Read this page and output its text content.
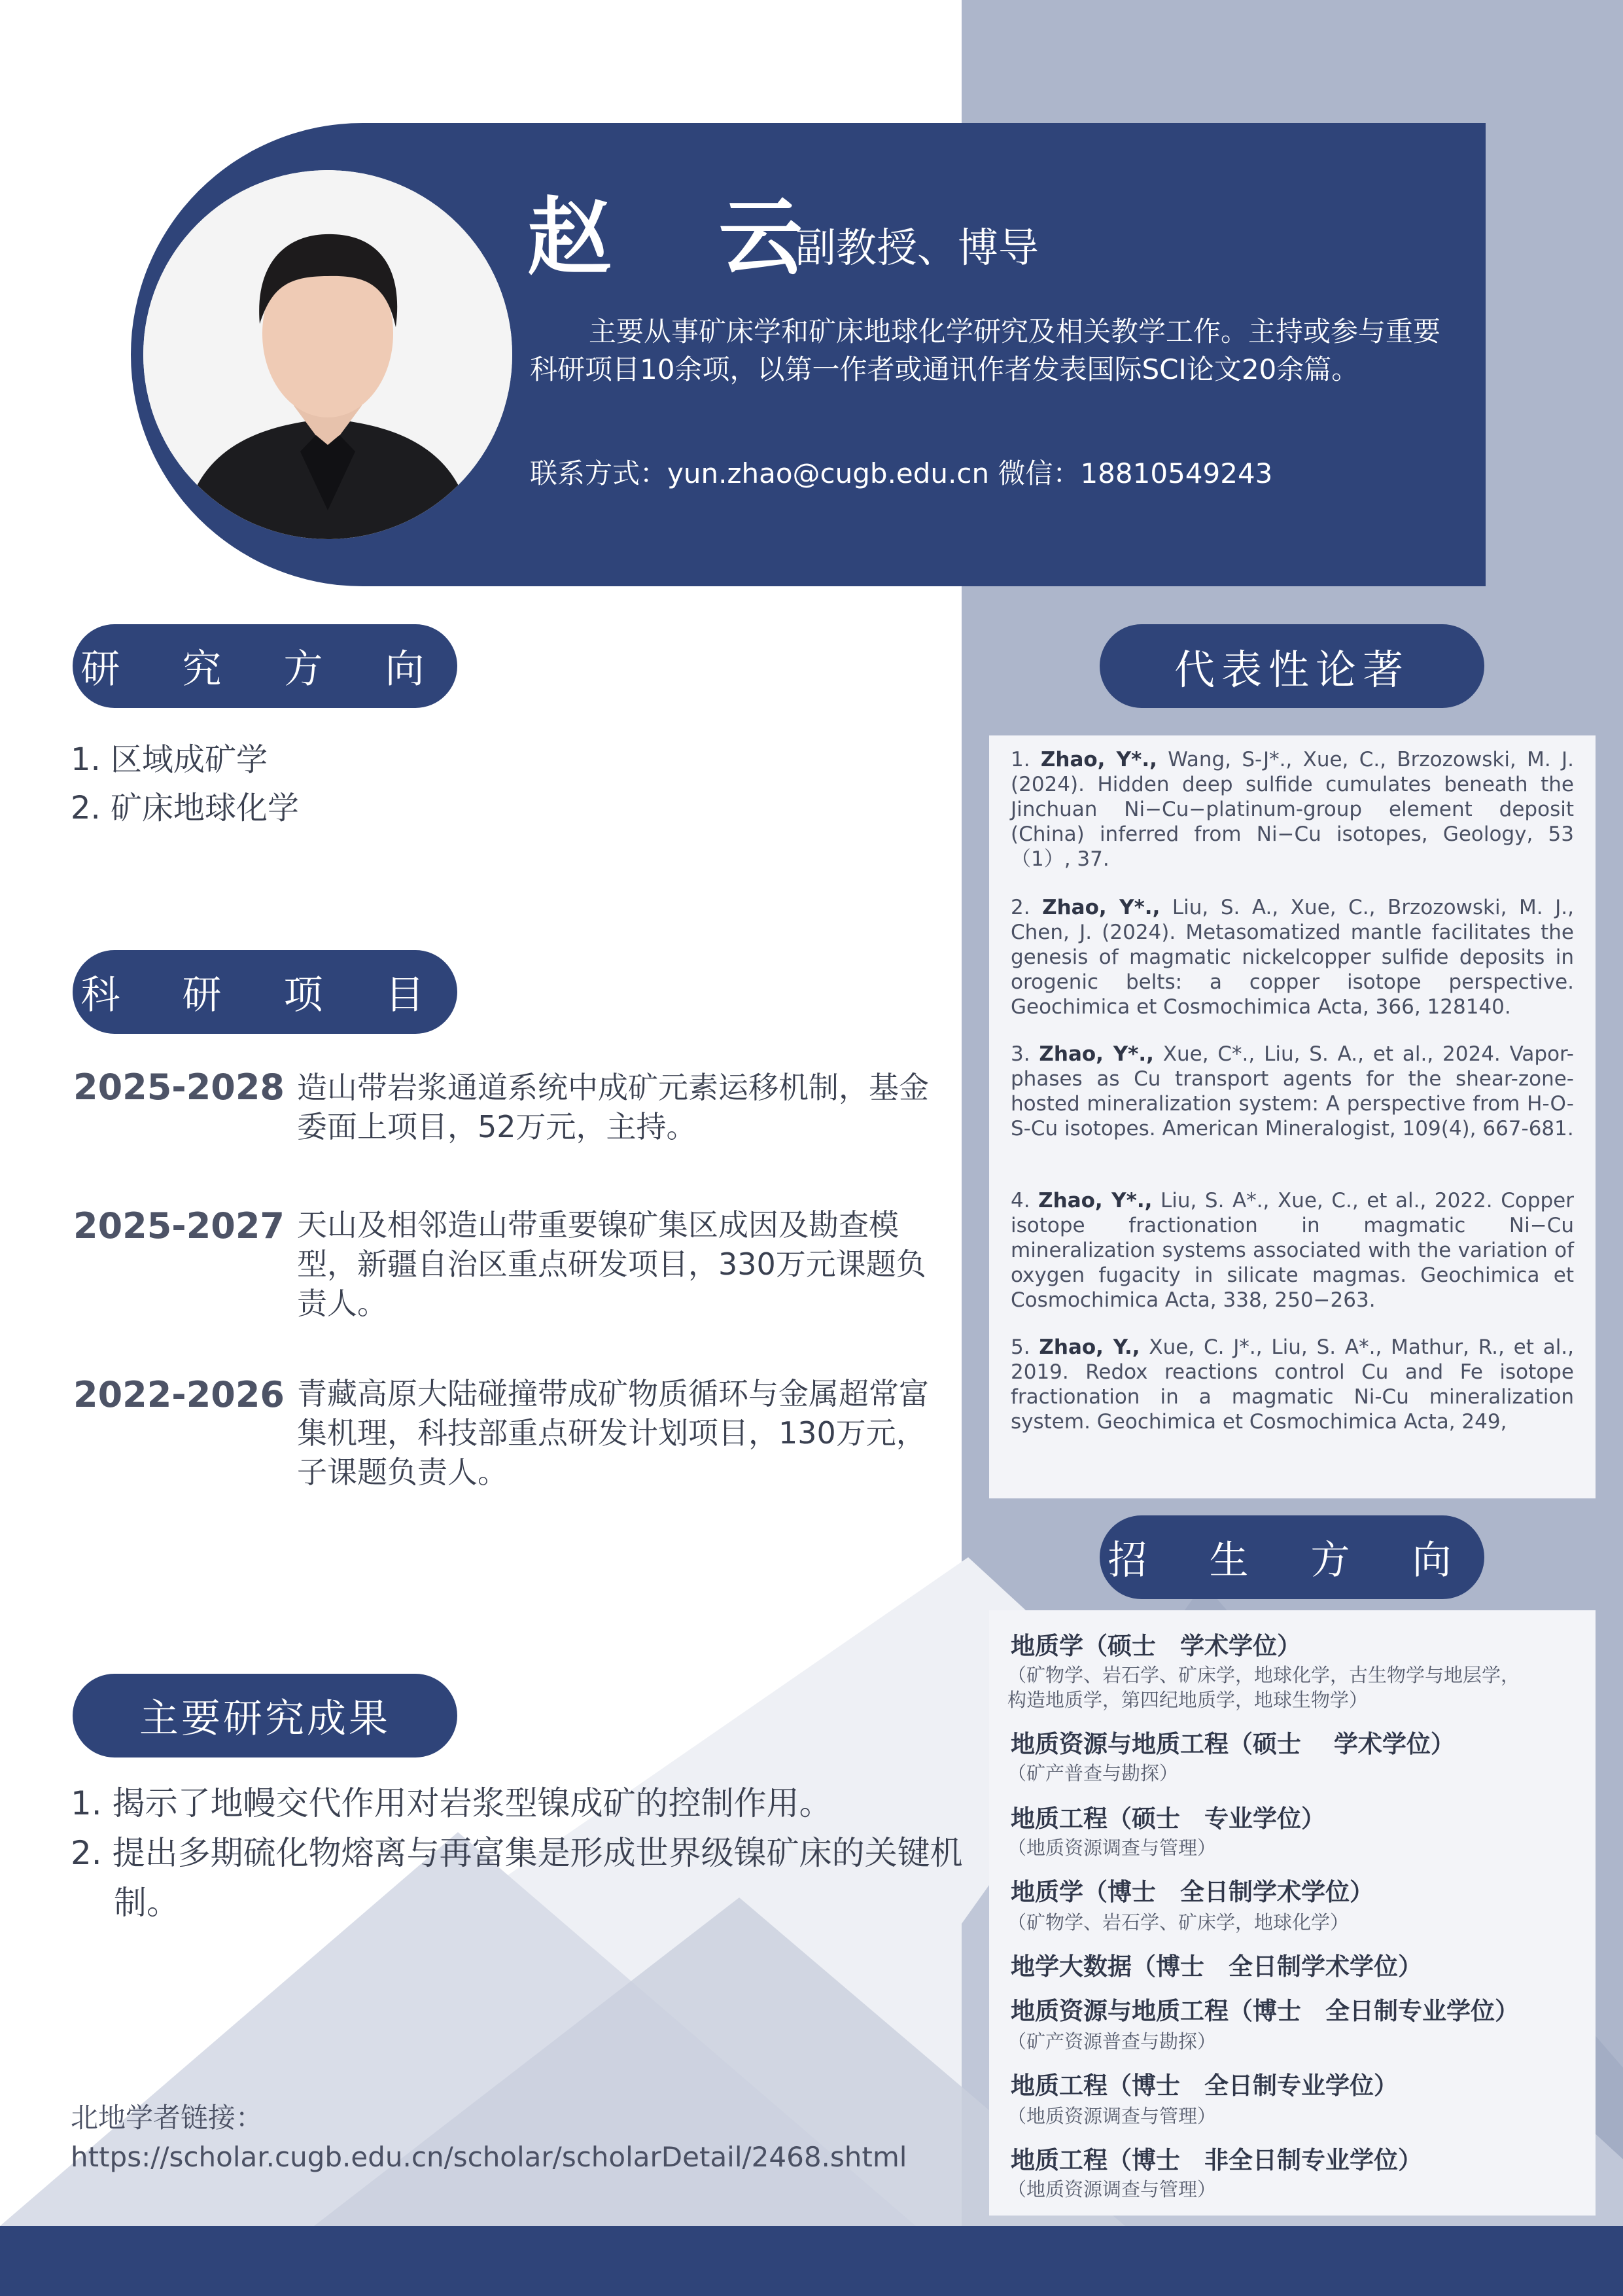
赵 云
副教授、博导
主要从事矿床学和矿床地球化学研究及相关教学工作。主持或参与重要科研项目10余项，以第一作者或通讯作者发表国际SCI论文20余篇。
联系方式：yun.zhao@cugb.edu.cn 微信：18810549243
研 究 方 向
1. 区域成矿学
2. 矿床地球化学
科 研 项 目
2025-2028 造山带岩浆通道系统中成矿元素运移机制，基金委面上项目，52万元，主持。
2025-2027 天山及相邻造山带重要镍矿集区成因及勘查模型，新疆自治区重点研发项目，330万元课题负责人。
2022-2026 青藏高原大陆碰撞带成矿物质循环与金属超常富集机理，科技部重点研发计划项目，130万元，子课题负责人。
主要研究成果
1. 揭示了地幔交代作用对岩浆型镍成矿的控制作用。
2. 提出多期硫化物熔离与再富集是形成世界级镍矿床的关键机制。
北地学者链接：
https://scholar.cugb.edu.cn/scholar/scholarDetail/2468.shtml
代表性论著
1. Zhao, Y*., Wang, S-J*., Xue, C., Brzozowski, M. J. (2024). Hidden deep sulfide cumulates beneath the Jinchuan Ni−Cu−platinum-group element deposit (China) inferred from Ni−Cu isotopes, Geology, 53（1）, 37.
2. Zhao, Y*., Liu, S. A., Xue, C., Brzozowski, M. J., Chen, J. (2024). Metasomatized mantle facilitates the genesis of magmatic nickelcopper sulfide deposits in orogenic belts: a copper isotope perspective. Geochimica et Cosmochimica Acta, 366, 128140.
3. Zhao, Y*., Xue, C*., Liu, S. A., et al., 2024. Vapor-phases as Cu transport agents for the shear-zone-hosted mineralization system: A perspective from H-O-S-Cu isotopes. American Mineralogist, 109(4), 667-681.
4. Zhao, Y*., Liu, S. A*., Xue, C., et al., 2022. Copper isotope fractionation in magmatic Ni−Cu mineralization systems associated with the variation of oxygen fugacity in silicate magmas. Geochimica et Cosmochimica Acta, 338, 250−263.
5. Zhao, Y., Xue, C. J*., Liu, S. A*., Mathur, R., et al., 2019. Redox reactions control Cu and Fe isotope fractionation in a magmatic Ni-Cu mineralization system. Geochimica et Cosmochimica Acta, 249,
招 生 方 向
地质学（硕士　学术学位）
（矿物学、岩石学、矿床学，地球化学，古生物学与地层学，
构造地质学，第四纪地质学，地球生物学）
地质资源与地质工程（硕士　 学术学位）
（矿产普查与勘探）
地质工程（硕士　专业学位）
（地质资源调查与管理）
地质学（博士　全日制学术学位）
（矿物学、岩石学、矿床学，地球化学）
地学大数据（博士　全日制学术学位）
地质资源与地质工程（博士　全日制专业学位）
（矿产资源普查与勘探）
地质工程（博士　全日制专业学位）
（地质资源调查与管理）
地质工程（博士　非全日制专业学位）
（地质资源调查与管理）
